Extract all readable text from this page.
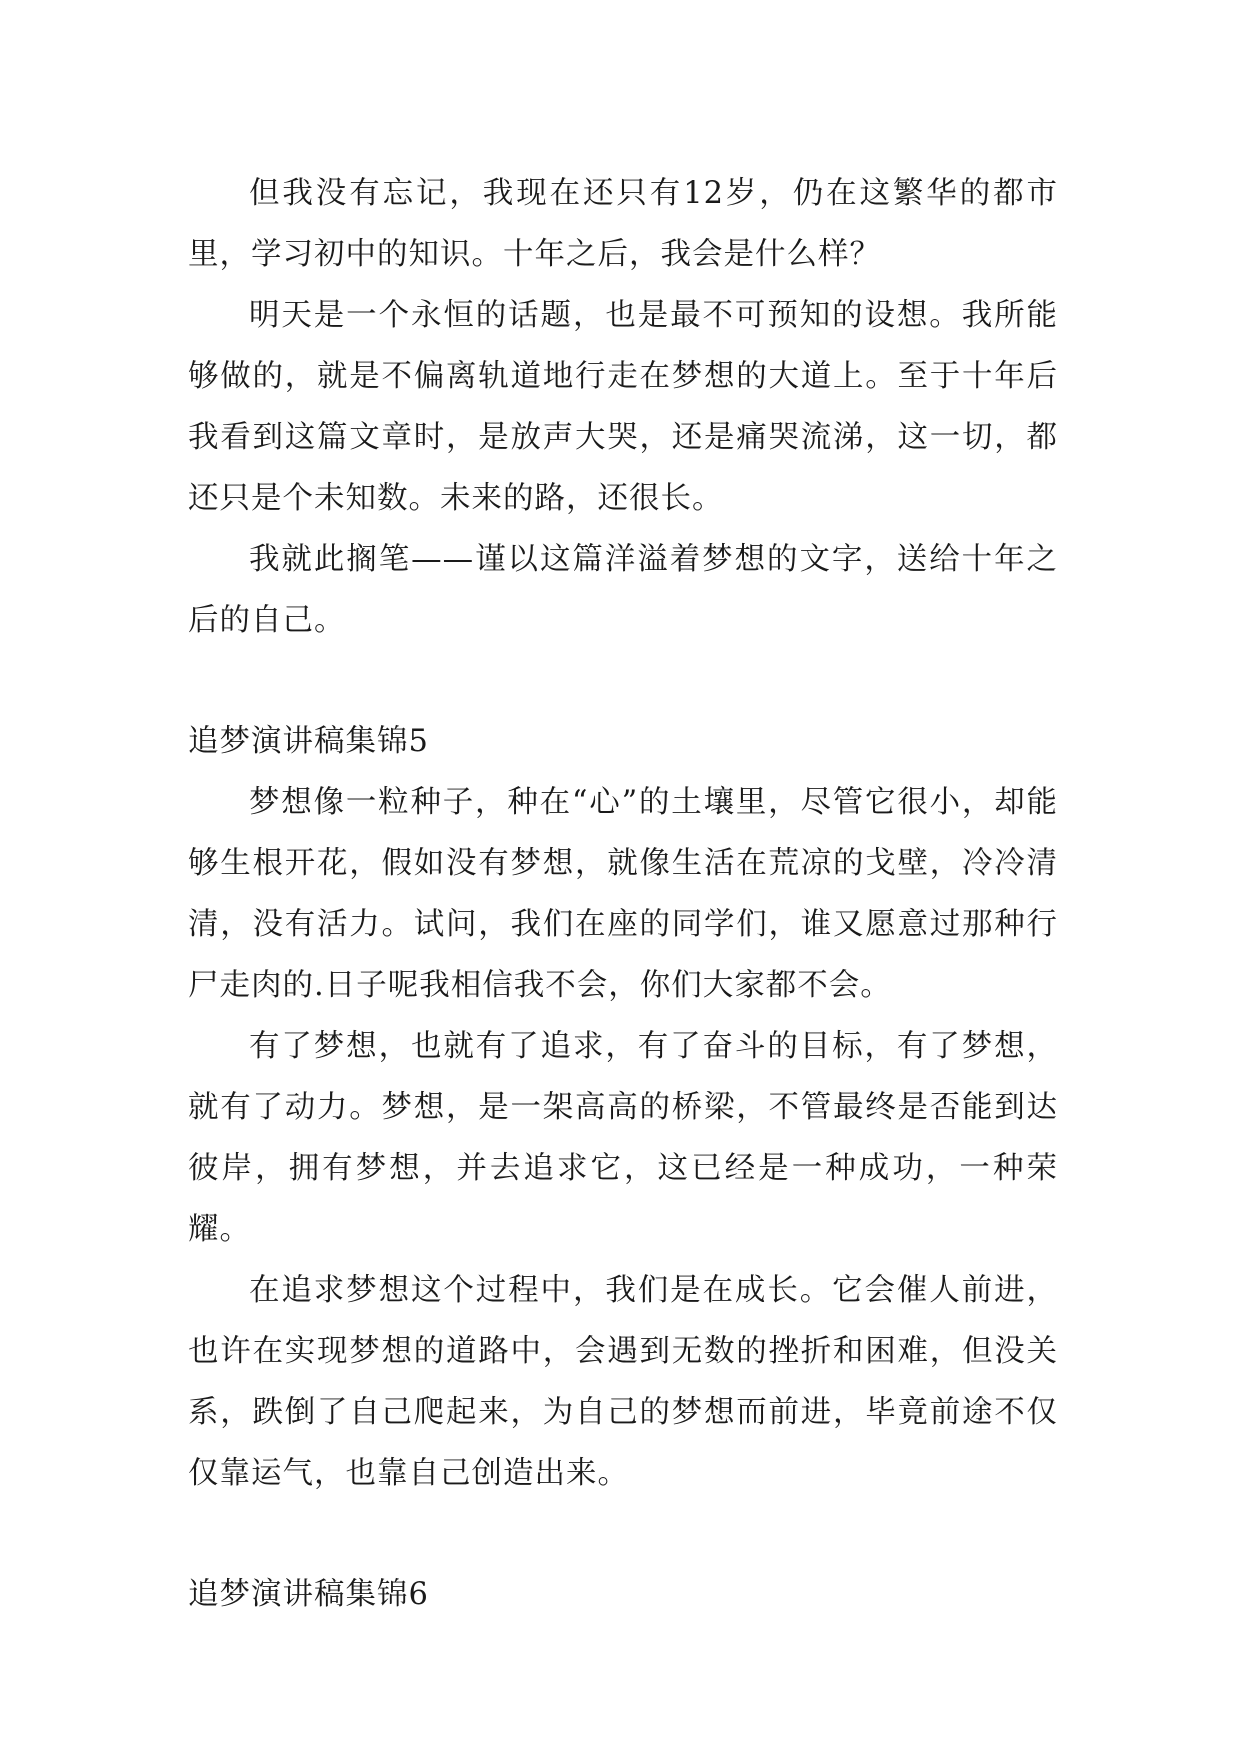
但我没有忘记，我现在还只有12岁，仍在这繁华的都市里，学习初中的知识。十年之后，我会是什么样？

明天是一个永恒的话题，也是最不可预知的设想。我所能够做的，就是不偏离轨道地行走在梦想的大道上。至于十年后我看到这篇文章时，是放声大哭，还是痛哭流涕，这一切，都还只是个未知数。未来的路，还很长。

我就此搁笔——谨以这篇洋溢着梦想的文字，送给十年之后的自己。

追梦演讲稿集锦5

梦想像一粒种子，种在“心”的土壤里，尽管它很小，却能够生根开花，假如没有梦想，就像生活在荒凉的戈壁，冷冷清清，没有活力。试问，我们在座的同学们，谁又愿意过那种行尸走肉的.日子呢我相信我不会，你们大家都不会。

有了梦想，也就有了追求，有了奋斗的目标，有了梦想，就有了动力。梦想，是一架高高的桥梁，不管最终是否能到达彼岸，拥有梦想，并去追求它，这已经是一种成功，一种荣耀。

在追求梦想这个过程中，我们是在成长。它会催人前进，也许在实现梦想的道路中，会遇到无数的挫折和困难，但没关系，跌倒了自己爬起来，为自己的梦想而前进，毕竟前途不仅仅靠运气，也靠自己创造出来。

追梦演讲稿集锦6
